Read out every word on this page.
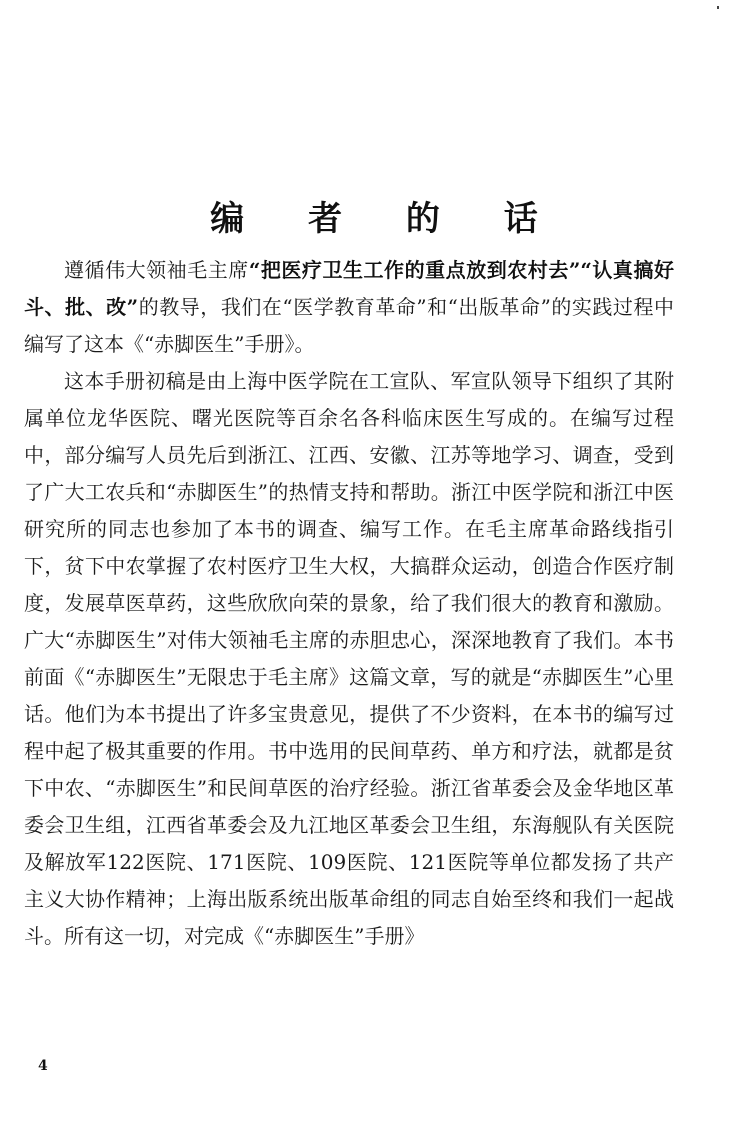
编 者 的 话

遵循伟大领袖毛主席“把医疗卫生工作的重点放到农村去”“认真搞好斗、批、改”的教导，我们在“医学教育革命”和“出版革命”的实践过程中编写了这本《“赤脚医生”手册》。

这本手册初稿是由上海中医学院在工宣队、军宣队领导下组织了其附属单位龙华医院、曙光医院等百余名各科临床医生写成的。在编写过程中，部分编写人员先后到浙江、江西、安徽、江苏等地学习、调查，受到了广大工农兵和“赤脚医生”的热情支持和帮助。浙江中医学院和浙江中医研究所的同志也参加了本书的调查、编写工作。在毛主席革命路线指引下，贫下中农掌握了农村医疗卫生大权，大搞群众运动，创造合作医疗制度，发展草医草药，这些欣欣向荣的景象，给了我们很大的教育和激励。广大“赤脚医生”对伟大领袖毛主席的赤胆忠心，深深地教育了我们。本书前面《“赤脚医生”无限忠于毛主席》这篇文章，写的就是“赤脚医生”心里话。他们为本书提出了许多宝贵意见，提供了不少资料，在本书的编写过程中起了极其重要的作用。书中选用的民间草药、单方和疗法，就都是贫下中农、“赤脚医生”和民间草医的治疗经验。浙江省革委会及金华地区革委会卫生组，江西省革委会及九江地区革委会卫生组，东海舰队有关医院及解放军122医院、171医院、109医院、121医院等单位都发扬了共产主义大协作精神；上海出版系统出版革命组的同志自始至终和我们一起战斗。所有这一切，对完成《“赤脚医生”手册》

4
